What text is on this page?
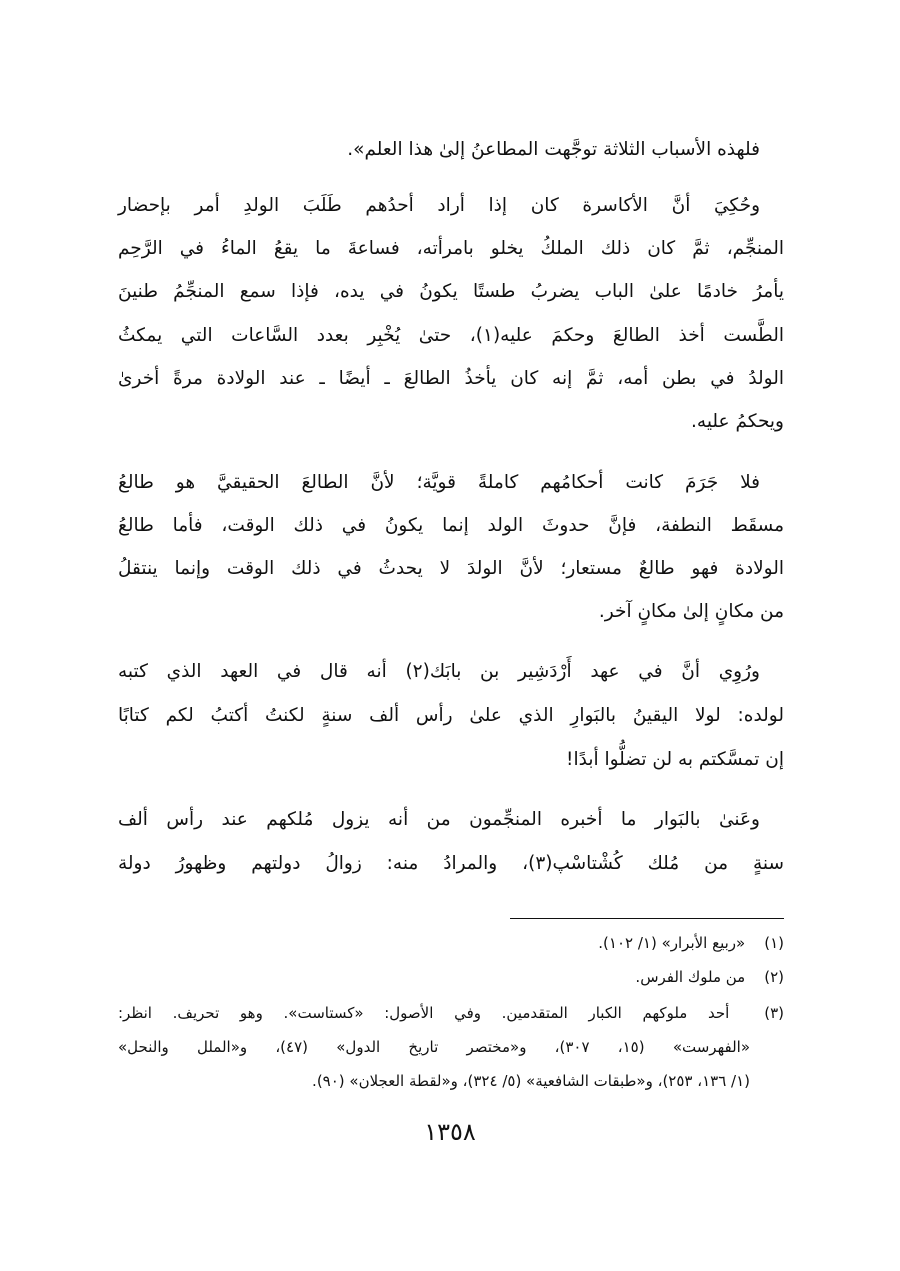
فلهذه الأسباب الثلاثة توجَّهت المطاعنُ إلىٰ هذا العلم».
وحُكِيَ أنَّ الأكاسرة كان إذا أراد أحدُهم طَلَبَ الولدِ أمر بإحضار
المنجِّم، ثمَّ كان ذلك الملكُ يخلو بامرأته، فساعةَ ما يقعُ الماءُ في الرَّحِم
يأمرُ خادمًا علىٰ الباب يضربُ طستًا يكونُ في يده، فإذا سمع المنجِّمُ طنينَ
الطَّست أخذ الطالعَ وحكمَ عليه(١)، حتىٰ يُخْبِر بعدد السَّاعات التي يمكثُ
الولدُ في بطن أمه، ثمَّ إنه كان يأخذُ الطالعَ ـ أيضًا ـ عند الولادة مرةً أخرىٰ
ويحكمُ عليه.
فلا جَرَمَ كانت أحكامُهم كاملةً قويَّة؛ لأنَّ الطالعَ الحقيقيَّ هو طالعُ
مسقَط النطفة، فإنَّ حدوثَ الولد إنما يكونُ في ذلك الوقت، فأما طالعُ
الولادة فهو طالعٌ مستعار؛ لأنَّ الولدَ لا يحدثُ في ذلك الوقت وإنما ينتقلُ
من مكانٍ إلىٰ مكانٍ آخر.
ورُوِي أنَّ في عهد أَرْدَشِير بن بابَك(٢) أنه قال في العهد الذي كتبه
لولده: لولا اليقينُ بالبَوارِ الذي علىٰ رأس ألف سنةٍ لكنتُ أكتبُ لكم كتابًا
إن تمسَّكتم به لن تضلُّوا أبدًا!
وعَنىٰ بالبَوار ما أخبره المنجِّمون من أنه يزول مُلكهم عند رأس ألف
سنةٍ من مُلك كُشْتاسْپ(٣)، والمرادُ منه: زوالُ دولتهم وظهورُ دولة
(١) «ربيع الأبرار» (١/ ١٠٢).
(٢) من ملوك الفرس.
(٣) أحد ملوكهم الكبار المتقدمين. وفي الأصول: «كستاست». وهو تحريف. انظر:
«الفهرست» (١٥، ٣٠٧)، و«مختصر تاريخ الدول» (٤٧)، و«الملل والنحل»
(١/ ١٣٦، ٢٥٣)، و«طبقات الشافعية» (٥/ ٣٢٤)، و«لقطة العجلان» (٩٠).
١٣٥٨
